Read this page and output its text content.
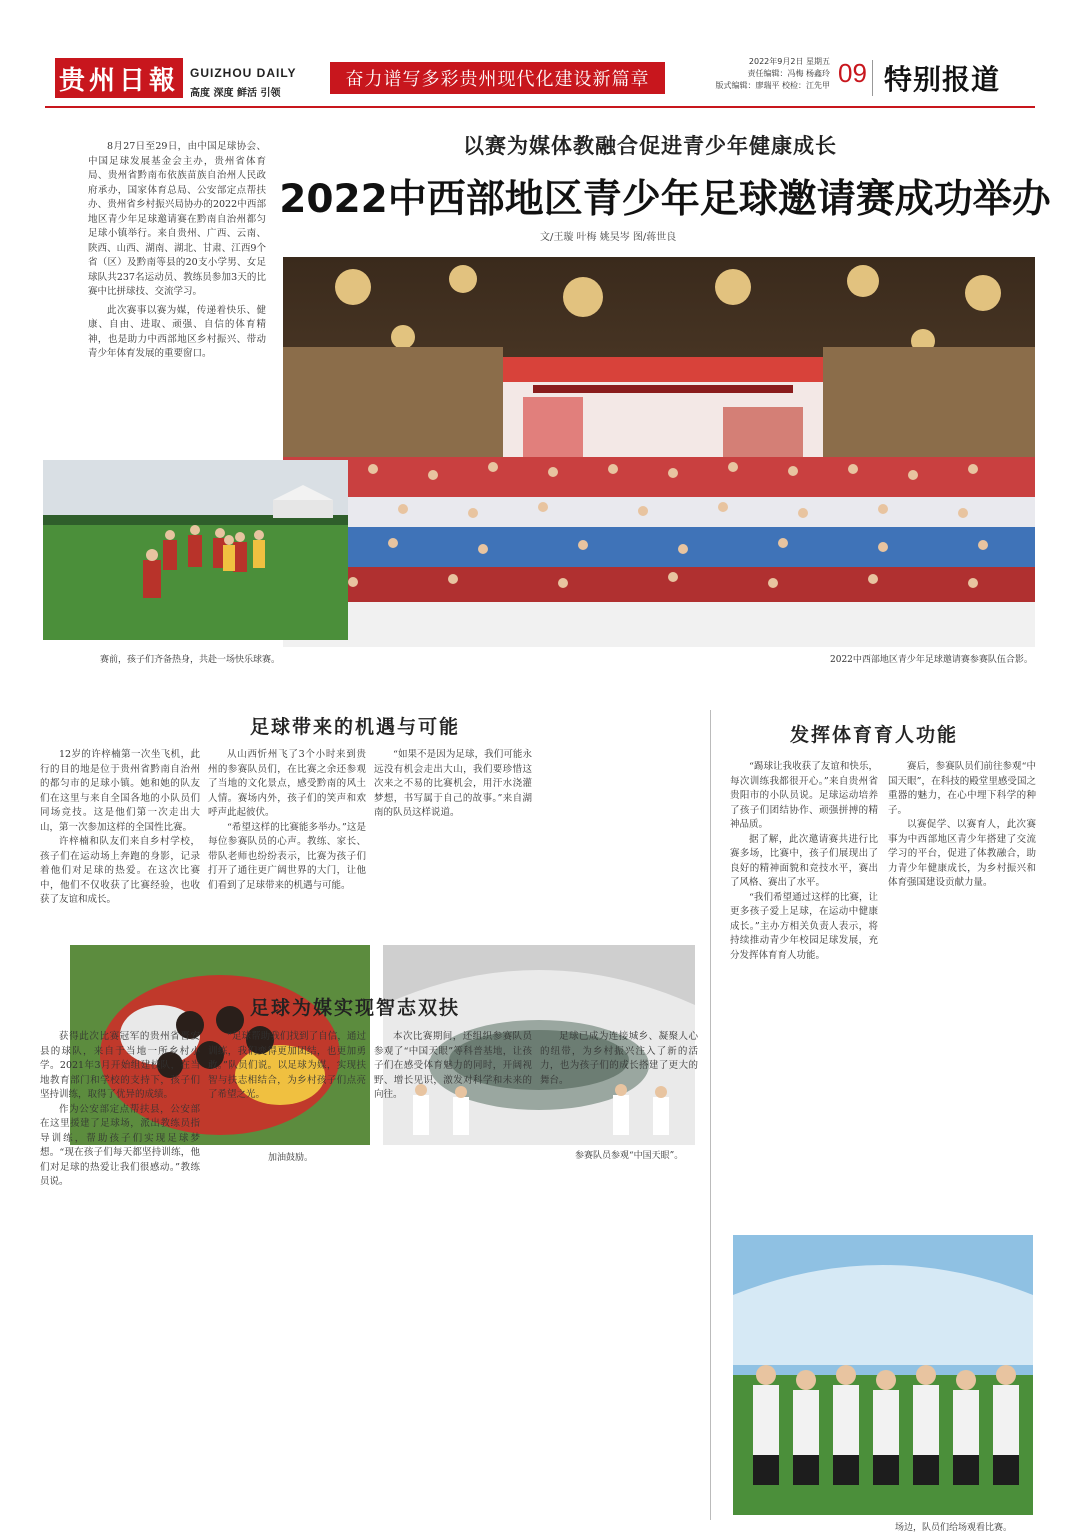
贵州日報 GUIZHOU DAILY
高度 深度 鲜活 引领
奋力谱写多彩贵州现代化建设新篇章
2022年9月2日 星期五
责任编辑：冯梅 杨鑫玲
版式编辑：廖瑞平 校检：江先甲 09 特别报道

8月27日至29日，由中国足球协会、中国足球发展基金会主办，贵州省体育局、贵州省黔南布依族苗族自治州人民政府承办，国家体育总局、公安部定点帮扶办、贵州省乡村振兴局协办的2022中西部地区青少年足球邀请赛在黔南自治州都匀足球小镇举行。来自贵州、广西、云南、陕西、山西、湖南、湖北、甘肃、江西9个省（区）及黔南等县的20支小学男、女足球队共237名运动员、教练员参加3天的比赛中比拼球技、交流学习。

此次赛事以赛为媒，传递着快乐、健康、自由、进取、顽强、自信的体育精神，也是助力中西部地区乡村振兴、带动青少年体育发展的重要窗口。

以赛为媒体教融合促进青少年健康成长
2022中西部地区青少年足球邀请赛成功举办
文/王璇 叶梅 姚昊岑 图/蒋世良
赛前，孩子们齐备热身，共赴一场快乐球赛。	2022中西部地区青少年足球邀请赛参赛队伍合影。
足球带来的机遇与可能

12岁的许梓楠第一次坐飞机，此行的目的地是位于贵州省黔南自治州的都匀市的足球小镇。她和她的队友们在这里与来自全国各地的小队员们同场竞技。这是他们第一次走出大山，第一次参加这样的全国性比赛。

许梓楠和队友们来自乡村学校，孩子们在运动场上奔跑的身影，记录着他们对足球的热爱。在这次比赛中，他们不仅收获了比赛经验，也收获了友谊和成长。

从山西忻州飞了3个小时来到贵州的参赛队员们，在比赛之余还参观了当地的文化景点，感受黔南的风土人情。赛场内外，孩子们的笑声和欢呼声此起彼伏。

“希望这样的比赛能多举办。”这是每位参赛队员的心声。教练、家长、带队老师也纷纷表示，比赛为孩子们打开了通往更广阔世界的大门，让他们看到了足球带来的机遇与可能。

“如果不是因为足球，我们可能永远没有机会走出大山，我们要珍惜这次来之不易的比赛机会，用汗水浇灌梦想，书写属于自己的故事。”来自湖南的队员这样说道。

加油鼓励。	参赛队员参观“中国天眼”。
足球为媒实现智志双扶

获得此次比赛冠军的贵州省晋安县的球队，来自于当地一所乡村小学。2021年3月开始组建校队，在当地教育部门和学校的支持下，孩子们坚持训练，取得了优异的成绩。

作为公安部定点帮扶县，公安部在这里援建了足球场，派出教练员指导训练，帮助孩子们实现足球梦想。“现在孩子们每天都坚持训练，他们对足球的热爱让我们很感动。”教练员说。

“足球帮助我们找到了自信，通过训练，我们变得更加团结，也更加勇敢。”队员们说。以足球为媒，实现扶智与扶志相结合，为乡村孩子们点亮了希望之光。

本次比赛期间，还组织参赛队员参观了“中国天眼”等科普基地，让孩子们在感受体育魅力的同时，开阔视野、增长见识，激发对科学和未来的向往。

足球已成为连接城乡、凝聚人心的纽带，为乡村振兴注入了新的活力，也为孩子们的成长搭建了更大的舞台。

发挥体育育人功能

“踢球让我收获了友谊和快乐，每次训练我都很开心。”来自贵州省贵阳市的小队员说。足球运动培养了孩子们团结协作、顽强拼搏的精神品质。

据了解，此次邀请赛共进行比赛多场，比赛中，孩子们展现出了良好的精神面貌和竞技水平，赛出了风格、赛出了水平。

“我们希望通过这样的比赛，让更多孩子爱上足球，在运动中健康成长。”主办方相关负责人表示，将持续推动青少年校园足球发展，充分发挥体育育人功能。

赛后，参赛队员们前往参观“中国天眼”，在科技的殿堂里感受国之重器的魅力，在心中埋下科学的种子。

以赛促学、以赛育人，此次赛事为中西部地区青少年搭建了交流学习的平台，促进了体教融合，助力青少年健康成长，为乡村振兴和体育强国建设贡献力量。

场边，队员们给场观看比赛。
